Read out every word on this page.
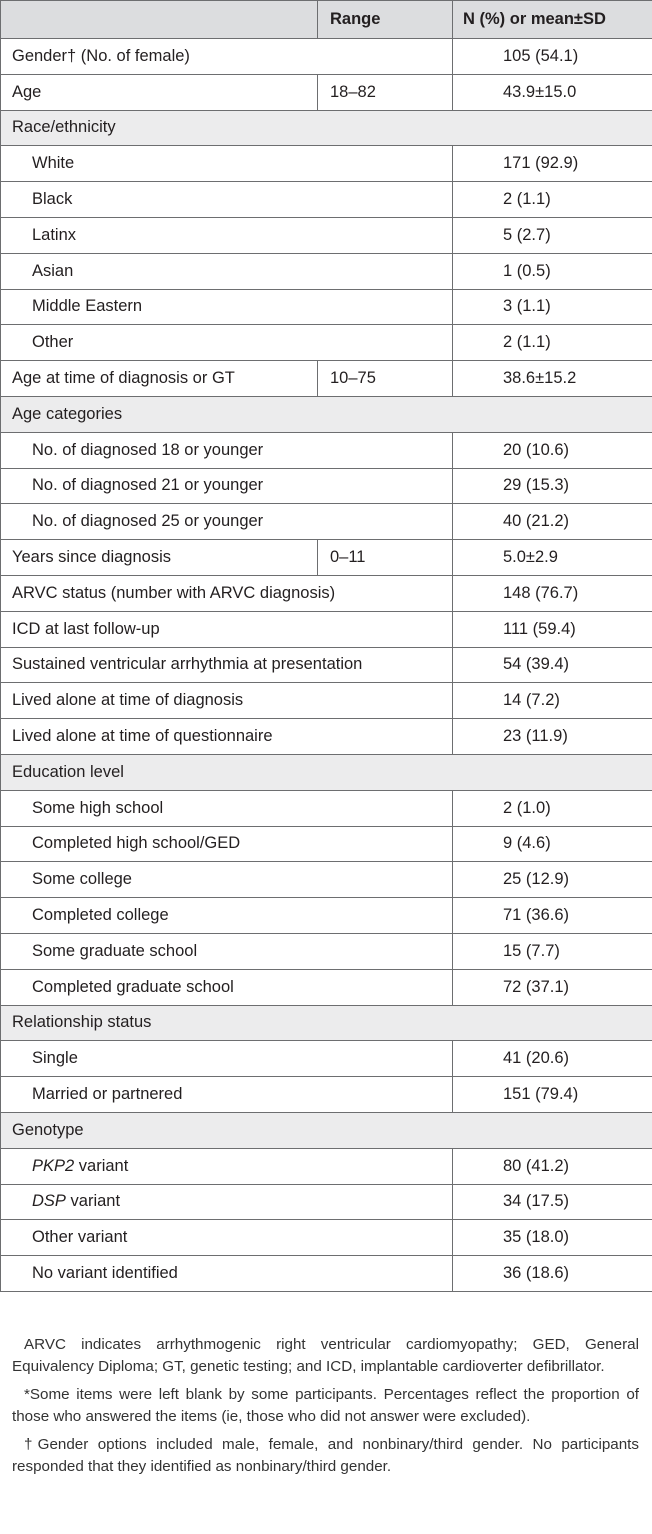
	Range	N (%) or mean±SD
Gender† (No. of female)		105 (54.1)
Age	18–82	43.9±15.0
Race/ethnicity		
White		171 (92.9)
Black		2 (1.1)
Latinx		5 (2.7)
Asian		1 (0.5)
Middle Eastern		3 (1.1)
Other		2 (1.1)
Age at time of diagnosis or GT	10–75	38.6±15.2
Age categories		
No. of diagnosed 18 or younger		20 (10.6)
No. of diagnosed 21 or younger		29 (15.3)
No. of diagnosed 25 or younger		40 (21.2)
Years since diagnosis	0–11	5.0±2.9
ARVC status (number with ARVC diagnosis)		148 (76.7)
ICD at last follow-up		111 (59.4)
Sustained ventricular arrhythmia at presentation		54 (39.4)
Lived alone at time of diagnosis		14 (7.2)
Lived alone at time of questionnaire		23 (11.9)
Education level		
Some high school		2 (1.0)
Completed high school/GED		9 (4.6)
Some college		25 (12.9)
Completed college		71 (36.6)
Some graduate school		15 (7.7)
Completed graduate school		72 (37.1)
Relationship status		
Single		41 (20.6)
Married or partnered		151 (79.4)
Genotype		
PKP2 variant		80 (41.2)
DSP variant		34 (17.5)
Other variant		35 (18.0)
No variant identified		36 (18.6)

ARVC indicates arrhythmogenic right ventricular cardiomyopathy; GED, General Equivalency Diploma; GT, genetic testing; and ICD, implantable cardioverter defibrillator.

*Some items were left blank by some participants. Percentages reflect the proportion of those who answered the items (ie, those who did not answer were excluded).

†Gender options included male, female, and nonbinary/third gender. No participants responded that they identified as nonbinary/third gender.
